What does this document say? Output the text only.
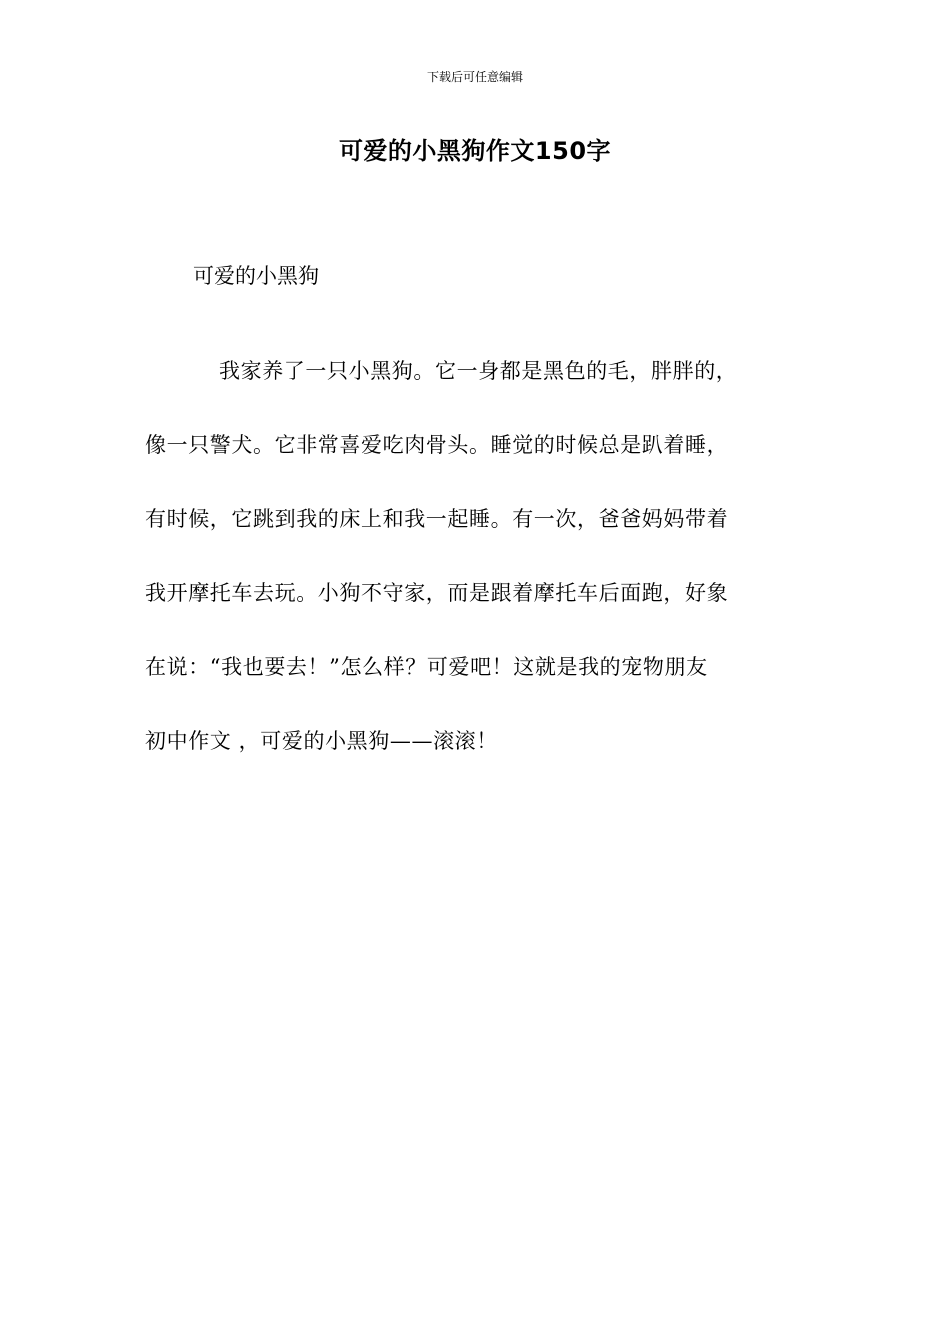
下载后可任意编辑
可爱的小黑狗作文150字
可爱的小黑狗
我家养了一只小黑狗。它一身都是黑色的毛，胖胖的，
像一只警犬。它非常喜爱吃肉骨头。睡觉的时候总是趴着睡，
有时候，它跳到我的床上和我一起睡。有一次，爸爸妈妈带着
我开摩托车去玩。小狗不守家，而是跟着摩托车后面跑，好象
在说：“我也要去！”怎么样？可爱吧！这就是我的宠物朋友
初中作文 ，可爱的小黑狗——滚滚！
